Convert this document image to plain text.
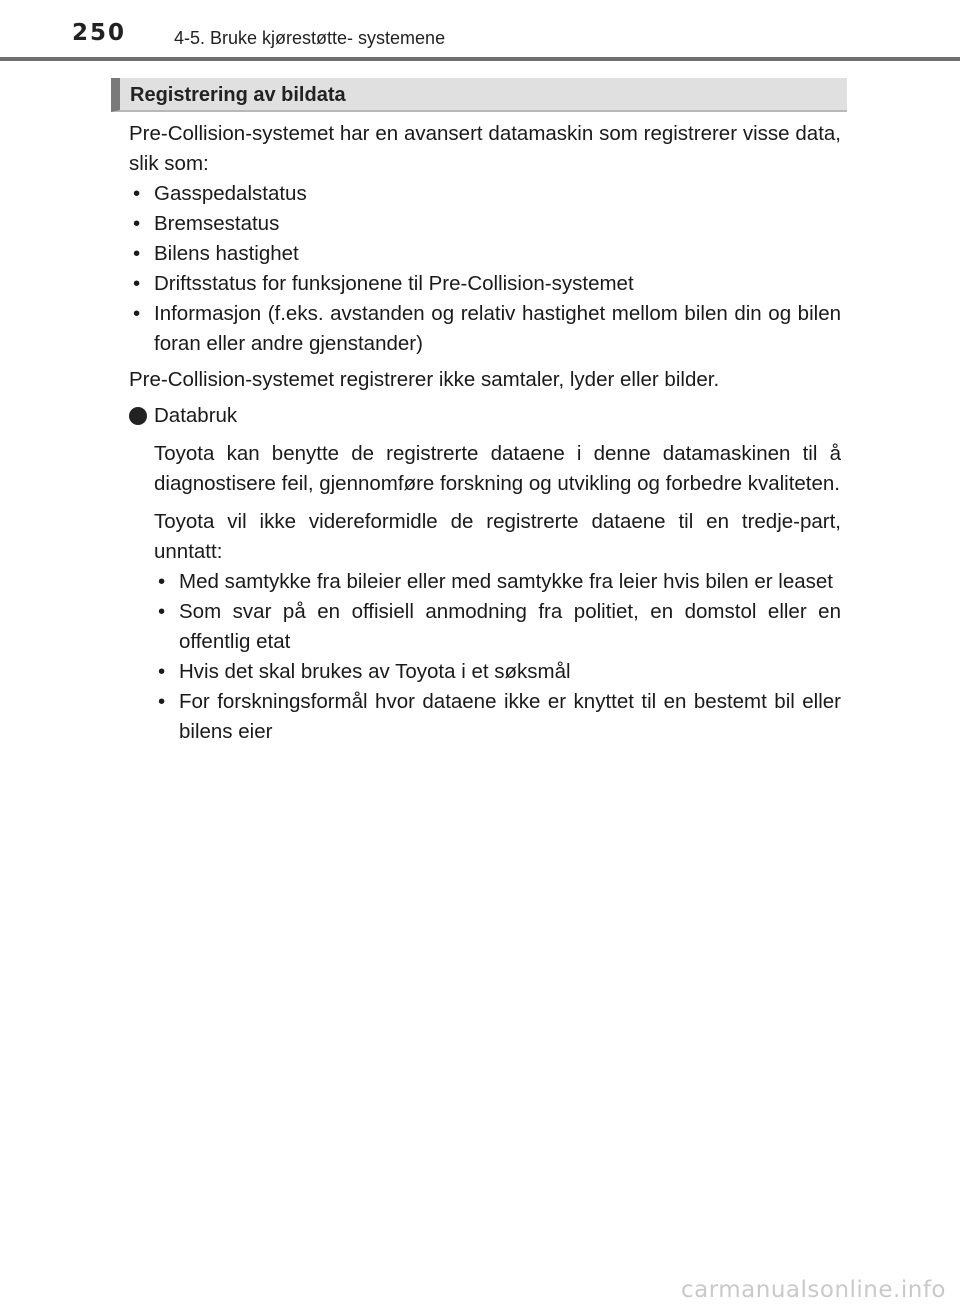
250	4-5. Bruke kjørestøtte- systemene
Registrering av bildata

Pre-Collision-systemet har en avansert datamaskin som registrerer visse data, slik som:

• Gasspedalstatus
• Bremsestatus
• Bilens hastighet
• Driftsstatus for funksjonene til Pre-Collision-systemet
• Informasjon (f.eks. avstanden og relativ hastighet mellom bilen din og bilen foran eller andre gjenstander)

Pre-Collision-systemet registrerer ikke samtaler, lyder eller bilder.

Databruk

Toyota kan benytte de registrerte dataene i denne datamaskinen til å diagnostisere feil, gjennomføre forskning og utvikling og forbedre kvaliteten.

Toyota vil ikke videreformidle de registrerte dataene til en tredje-part, unntatt:

• Med samtykke fra bileier eller med samtykke fra leier hvis bilen er leaset
• Som svar på en offisiell anmodning fra politiet, en domstol eller en offentlig etat
• Hvis det skal brukes av Toyota i et søksmål
• For forskningsformål hvor dataene ikke er knyttet til en bestemt bil eller bilens eier
carmanualsonline.info
